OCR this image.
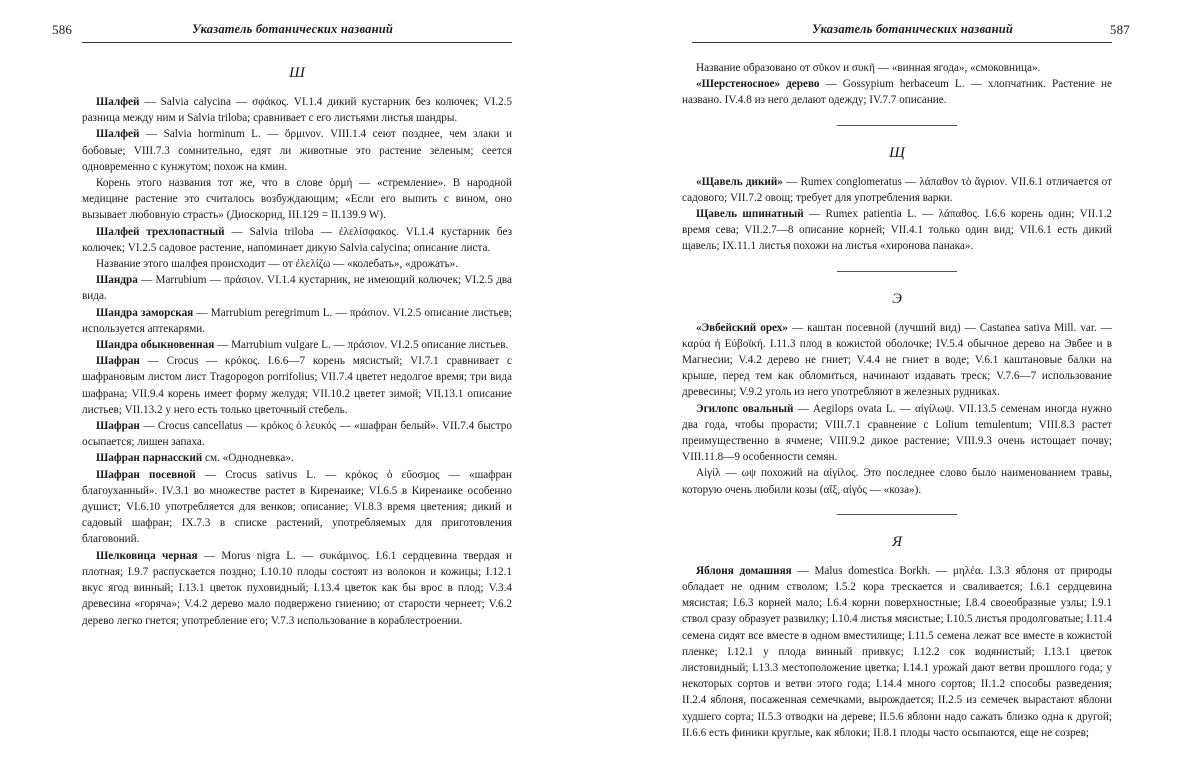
586	Указатель ботанических названий
Ш

Шалфей — Salvia calycina — σφάκος. VI.1.4 дикий кустарник без колючек; VI.2.5 разница между ним и Salvia triloba; сравнивает с его листьями листья шандры.

Шалфей — Salvia horminum L. — ὅρμινον. VIII.1.4 сеют позднее, чем злаки и бобовые; VIII.7.3 сомнительно, едят ли животные это растение зеленым; сеется одновременно с кунжутом; похож на кмин.

Корень этого названия тот же, что в слове ὁρμή — «стремление». В народной медицине растение это считалось возбуждающим; «Если его выпить с вином, оно вызывает любовную страсть» (Диоскорид, III.129 = II.139.9 W).

Шалфей трехлопастный — Salvia triloba — ἐλελίσφακος. VI.1.4 кустарник без колючек; VI.2.5 садовое растение, напоминает дикую Salvia calycina; описание листа.

Название этого шалфея происходит — от ἐλελίζω — «колебать», «дрожать».

Шандра — Marrubium — πράσιον. VI.1.4 кустарник, не имеющий колючек; VI.2.5 два вида.

Шандра заморская — Marrubium peregrimum L. — πράσιον. VI.2.5 описание листьев; используется аптекарями.

Шандра обыкновенная — Marrubium vulgare L. — πράσιον. VI.2.5 описание листьев.

Шафран — Crocus — κρόκος. I.6.6—7 корень мясистый; VI.7.1 сравнивает с шафрановым листом лист Tragopogon porrifolius; VII.7.4 цветет недолгое время; три вида шафрана; VII.9.4 корень имеет форму желудя; VII.10.2 цветет зимой; VII.13.1 описание листьев; VII.13.2 у него есть только цветочный стебель.

Шафран — Crocus cancellatus — κρόκος ὁ λευκός — «шафран белый». VII.7.4 быстро осыпается; лишен запаха.

Шафран парнасский см. «Однодневка».

Шафран посевной — Crocus sativus L. — κρόκος ὁ εὔοσμος — «шафран благоуханный». IV.3.1 во множестве растет в Киренаике; VI.6.5 в Киренаике особенно душист; VI.6.10 употребляется для венков; описание; VI.8.3 время цветения; дикий и садовый шафран; IX.7.3 в списке растений, употребляемых для приготовления благовоний.

Шелковица черная — Morus nigra L. — συκάμινος. I.6.1 сердцевина твердая и плотная; I.9.7 распускается поздно; I.10.10 плоды состоят из волокон и кожицы; I.12.1 вкус ягод винный; I.13.1 цветок пуховидный; I.13.4 цветок как бы врос в плод; V.3.4 древесина «горяча»; V.4.2 дерево мало подвержено гниению; от старости чернеет; V.6.2 дерево легко гнется; употребление его; V.7.3 использование в кораблестроении.

Указатель ботанических названий	587

Название образовано от σῦκον и συκῆ — «винная ягода», «смоковница».

«Шерстеносное» дерево — Gossypium herbaceum L. — хлопчатник. Растение не названо. IV.4.8 из него делают одежду; IV.7.7 описание.

Щ

«Щавель дикий» — Rumex conglomeratus — λάπαθον τὸ ἄγριον. VII.6.1 отличается от садового; VII.7.2 овощ; требует для употребления варки.

Щавель шпинатный — Rumex patientia L. — λάπαθος. I.6.6 корень один; VII.1.2 время сева; VII.2.7—8 описание корней; VII.4.1 только один вид; VII.6.1 есть дикий щавель; IX.11.1 листья похожи на листья «хиронова панака».

Э

«Эвбейский орех» — каштан посевной (лучший вид) — Castanea sativa Mill. var. — καρύα ἡ Εὐβοϊκή. I.11.3 плод в кожистой оболочке; IV.5.4 обычное дерево на Эвбее и в Магнесии; V.4.2 дерево не гниет; V.4.4 не гниет в воде; V.6.1 каштановые балки на крыше, перед тем как обломиться, начинают издавать треск; V.7.6—7 использование древесины; V.9.2 уголь из него употребляют в железных рудниках.

Эгилопс овальный — Aegilops ovata L. — αἰγίλωψ. VII.13.5 семенам иногда нужно два года, чтобы прорасти; VIII.7.1 сравнение с Lolium temulentum; VIII.8.3 растет преимущественно в ячмене; VIII.9.2 дикое растение; VIII.9.3 очень истощает почву; VIII.11.8—9 особенности семян.

Αἰγίλ — ωψ похожий на αἰγίλος. Это последнее слово было наименованием травы, которую очень любили козы (αἴξ, αἰγός — «коза»).

Я

Яблоня домашняя — Malus domestica Borkh. — μηλέα. I.3.3 яблоня от природы обладает не одним стволом; I.5.2 кора трескается и сваливается; I.6.1 сердцевина мясистая; I.6.3 корней мало; I.6.4 корни поверхностные; I.8.4 своеобразные узлы; I.9.1 ствол сразу образует развилку; I.10.4 листья мясистые; I.10.5 листья продолговатые; I.11.4 семена сидят все вместе в одном вместилище; I.11.5 семена лежат все вместе в кожистой пленке; I.12.1 у плода винный привкус; I.12.2 сок водянистый; I.13.1 цветок листовидный; I.13.3 местоположение цветка; I.14.1 урожай дают ветви прошлого года; у некоторых сортов и ветви этого года; I.14.4 много сортов; II.1.2 способы разведения; II.2.4 яблоня, посаженная семечками, вырождается; II.2.5 из семечек вырастают яблони худшего сорта; II.5.3 отводки на дереве; II.5.6 яблони надо сажать близко одна к другой; II.6.6 есть финики круглые, как яблоки; II.8.1 плоды часто осыпаются, еще не созрев;
